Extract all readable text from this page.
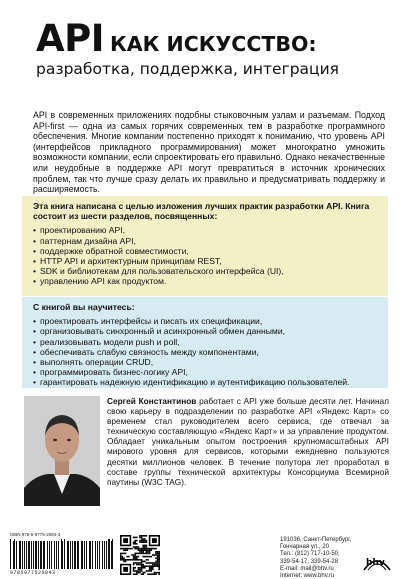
API КАК ИСКУССТВО:
разработка, поддержка, интеграция

API в современных приложениях подобны стыковочным узлам и разъемам. Подход API-first — одна из самых горячих современных тем в разработке программного обеспечения. Многие компании постепенно приходят к пониманию, что уровень API (интерфейсов прикладного программирования) может многократно умножить возможности компании, если спроектировать его правильно. Однако некачественные или неудобные в поддержке API могут превратиться в источник хронических проблем, так что лучше сразу делать их правильно и предусматривать поддержку и расширяемость.

Эта книга написана с целью изложения лучших практик разработки API. Книга состоит из шести разделов, посвященных:
• проектированию API,
• паттернам дизайна API,
• поддержке обратной совместимости,
• HTTP API и архитектурным принципам REST,
• SDK и библиотекам для пользовательского интерфейса (UI),
• управлению API как продуктом.
С книгой вы научитесь:
• проектировать интерфейсы и писать их спецификации,
• организовывать синхронный и асинхронный обмен данными,
• реализовывать модели push и poll,
• обеспечивать слабую связность между компонентами,
• выполнять операции CRUD,
• программировать бизнес-логику API,
• гарантировать надежную идентификацию и аутентификацию пользователей.

Сергей Константинов работает с API уже больше десяти лет. Начинал свою карьеру в подразделении по разработке API «Яндекс Карт» со временем стал руководителем всего сервиса, где отвечал за техническую составляющую «Яндекс Карт» и за управление продуктом. Обладает уникальным опытом построения крупномасштабных API мирового уровня для сервисов, которыми ежедневно пользуются десятки миллионов человек. В течение полутора лет проработал в составе группы технической архитектуры Консорциума Всемирной паутины (W3C TAG).

ISBN 978-5-9775-2084-3
9785977520843
191036, Санкт-Петербург,
Гончарная ул., 20
Тел.: (812) 717-10-50,
339-54-17, 339-54-28
E-mail: mail@bhv.ru
Internet: www.bhv.ru
bhv
